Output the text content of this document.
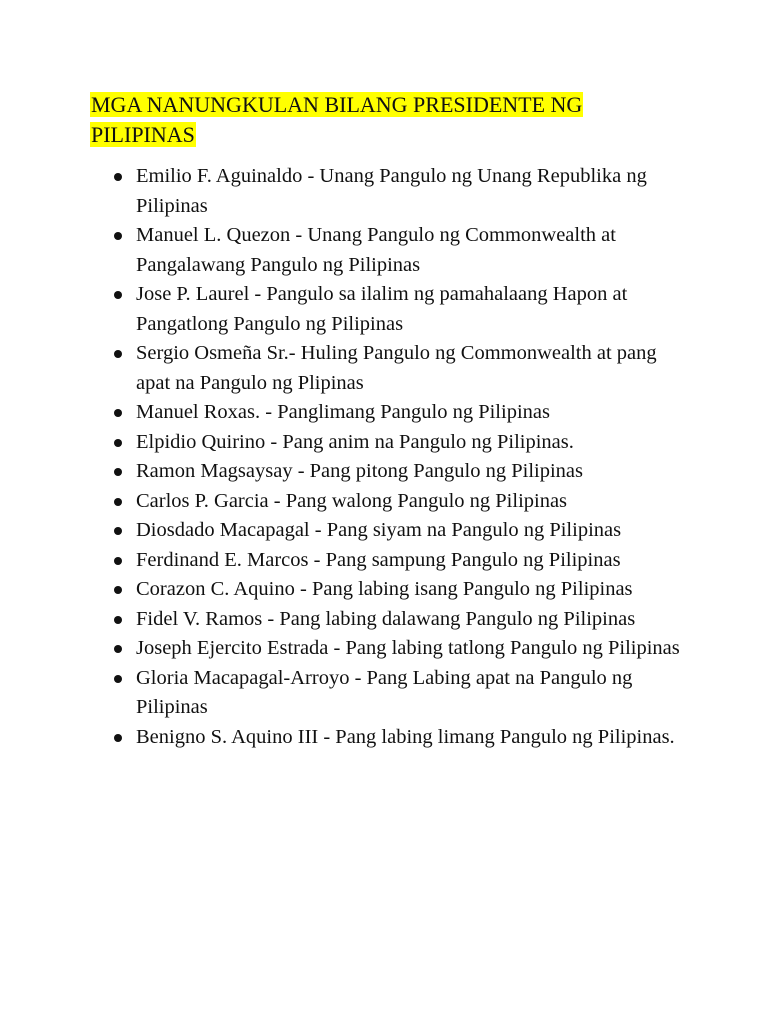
MGA NANUNGKULAN BILANG PRESIDENTE NG PILIPINAS
Emilio F. Aguinaldo - Unang Pangulo ng Unang Republika ng Pilipinas
Manuel L. Quezon - Unang Pangulo ng Commonwealth at Pangalawang Pangulo ng Pilipinas
Jose P. Laurel - Pangulo sa ilalim ng pamahalaang Hapon at Pangatlong Pangulo ng Pilipinas
Sergio Osmeña Sr.- Huling Pangulo ng Commonwealth at pang apat na Pangulo ng Plipinas
Manuel Roxas. - Panglimang Pangulo ng Pilipinas
Elpidio Quirino - Pang anim na Pangulo ng Pilipinas.
Ramon Magsaysay - Pang pitong Pangulo ng Pilipinas
Carlos P. Garcia - Pang walong Pangulo ng Pilipinas
Diosdado Macapagal - Pang siyam na Pangulo ng Pilipinas
Ferdinand E. Marcos - Pang sampung Pangulo ng Pilipinas
Corazon C. Aquino - Pang labing isang Pangulo ng Pilipinas
Fidel V. Ramos - Pang labing dalawang Pangulo ng Pilipinas
Joseph Ejercito Estrada - Pang labing tatlong Pangulo ng Pilipinas
Gloria Macapagal-Arroyo - Pang Labing apat na Pangulo ng Pilipinas
Benigno S. Aquino III - Pang labing limang Pangulo ng Pilipinas.
